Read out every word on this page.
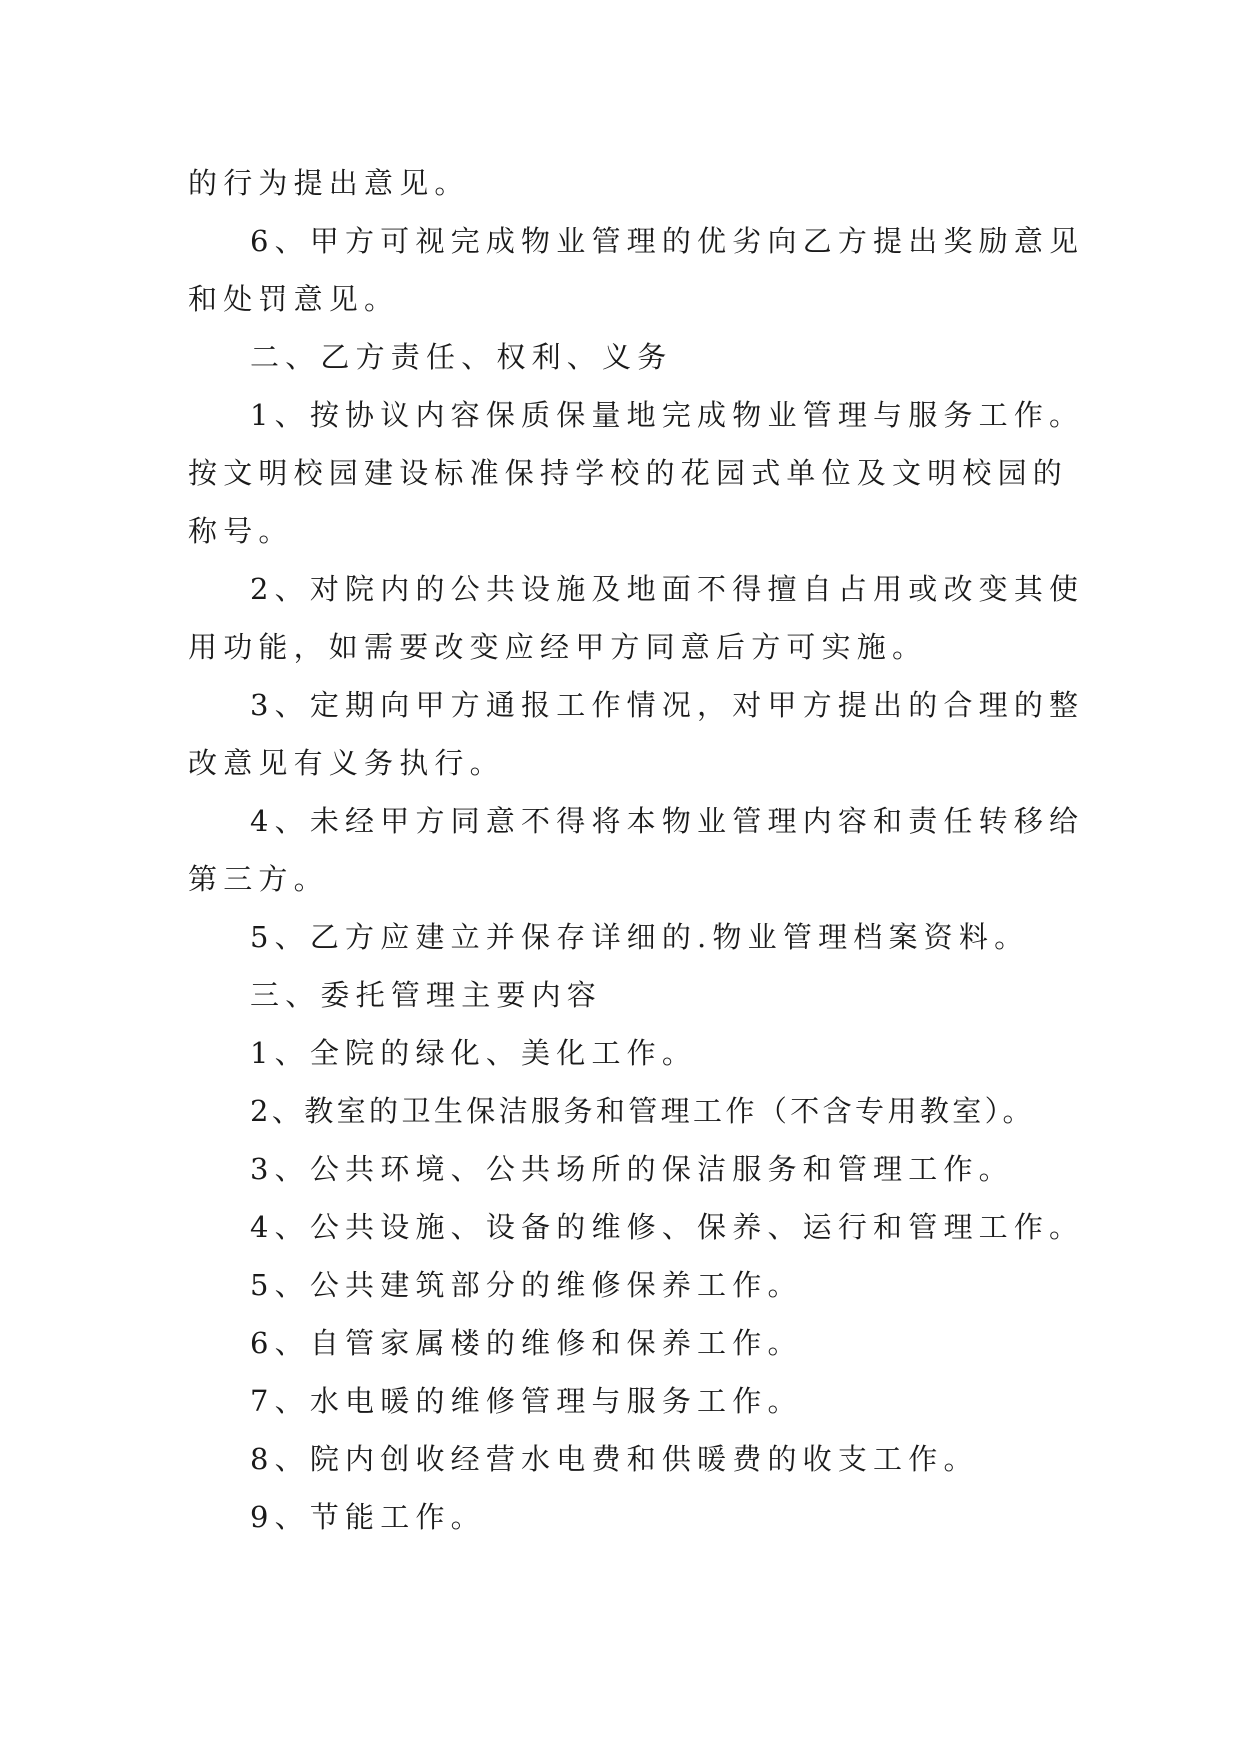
的行为提出意见。

6、甲方可视完成物业管理的优劣向乙方提出奖励意见

和处罚意见。

二、乙方责任、权利、义务

1、按协议内容保质保量地完成物业管理与服务工作。

按文明校园建设标准保持学校的花园式单位及文明校园的

称号。

2、对院内的公共设施及地面不得擅自占用或改变其使

用功能，如需要改变应经甲方同意后方可实施。

3、定期向甲方通报工作情况，对甲方提出的合理的整

改意见有义务执行。

4、未经甲方同意不得将本物业管理内容和责任转移给

第三方。

5、乙方应建立并保存详细的.物业管理档案资料。

三、委托管理主要内容

1、全院的绿化、美化工作。

2、教室的卫生保洁服务和管理工作（不含专用教室）。

3、公共环境、公共场所的保洁服务和管理工作。

4、公共设施、设备的维修、保养、运行和管理工作。

5、公共建筑部分的维修保养工作。

6、自管家属楼的维修和保养工作。

7、水电暖的维修管理与服务工作。

8、院内创收经营水电费和供暖费的收支工作。

9、节能工作。
